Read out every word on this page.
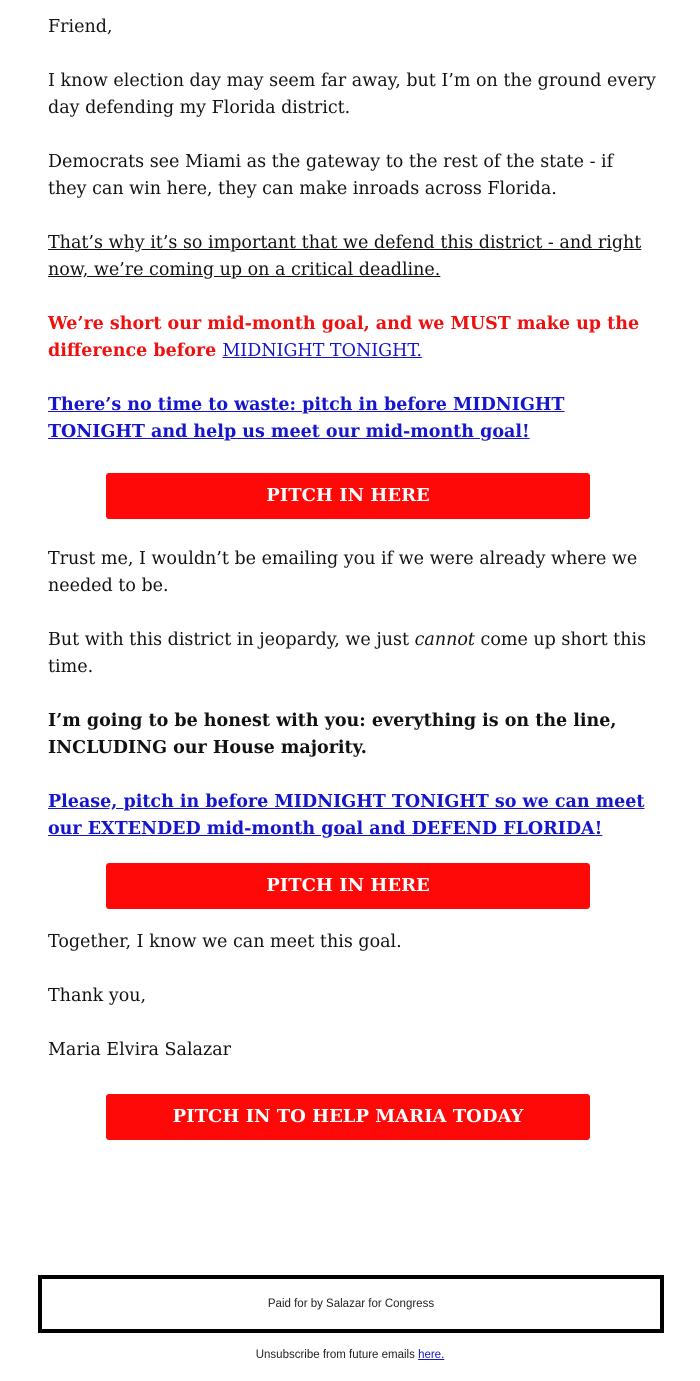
Friend,

I know election day may seem far away, but I’m on the ground every day defending my Florida district.

Democrats see Miami as the gateway to the rest of the state - if they can win here, they can make inroads across Florida.

That’s why it’s so important that we defend this district - and right now, we’re coming up on a critical deadline.

We’re short our mid-month goal, and we MUST make up the difference before MIDNIGHT TONIGHT.

There’s no time to waste: pitch in before MIDNIGHT TONIGHT and help us meet our mid-month goal!

PITCH IN HERE

Trust me, I wouldn’t be emailing you if we were already where we needed to be.

But with this district in jeopardy, we just cannot come up short this time.

I’m going to be honest with you: everything is on the line, INCLUDING our House majority.

Please, pitch in before MIDNIGHT TONIGHT so we can meet our EXTENDED mid-month goal and DEFEND FLORIDA!

PITCH IN HERE

Together, I know we can meet this goal.

Thank you,

Maria Elvira Salazar

PITCH IN TO HELP MARIA TODAY
Paid for by Salazar for Congress
Unsubscribe from future emails here.
